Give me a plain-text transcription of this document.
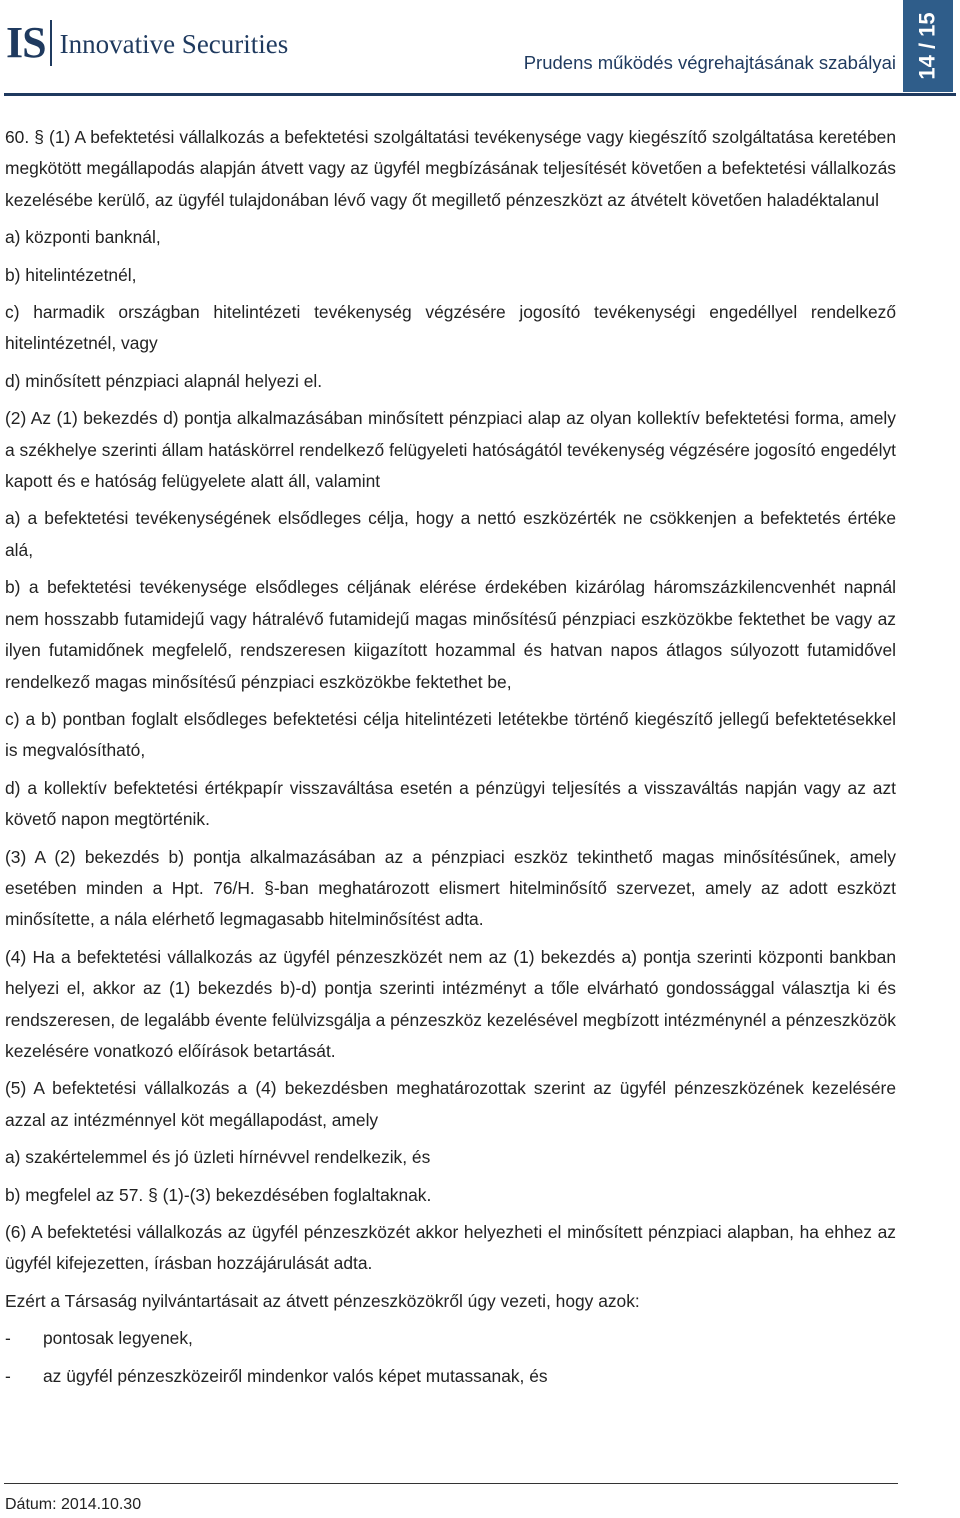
IS Innovative Securities
Prudens működés végrehajtásának szabályai 14 / 15

60. § (1) A befektetési vállalkozás a befektetési szolgáltatási tevékenysége vagy kiegészítő szolgáltatása keretében megkötött megállapodás alapján átvett vagy az ügyfél megbízásának teljesítését követően a befektetési vállalkozás kezelésébe kerülő, az ügyfél tulajdonában lévő vagy őt megillető pénzeszközt az átvételt követően haladéktalanul

a) központi banknál,

b) hitelintézetnél,

c) harmadik országban hitelintézeti tevékenység végzésére jogosító tevékenységi engedéllyel rendelkező hitelintézetnél, vagy

d) minősített pénzpiaci alapnál helyezi el.

(2) Az (1) bekezdés d) pontja alkalmazásában minősített pénzpiaci alap az olyan kollektív befektetési forma, amely a székhelye szerinti állam hatáskörrel rendelkező felügyeleti hatóságától tevékenység végzésére jogosító engedélyt kapott és e hatóság felügyelete alatt áll, valamint

a) a befektetési tevékenységének elsődleges célja, hogy a nettó eszközérték ne csökkenjen a befektetés értéke alá,

b) a befektetési tevékenysége elsődleges céljának elérése érdekében kizárólag háromszázkilencvenhét napnál nem hosszabb futamidejű vagy hátralévő futamidejű magas minősítésű pénzpiaci eszközökbe fektethet be vagy az ilyen futamidőnek megfelelő, rendszeresen kiigazított hozammal és hatvan napos átlagos súlyozott futamidővel rendelkező magas minősítésű pénzpiaci eszközökbe fektethet be,

c) a b) pontban foglalt elsődleges befektetési célja hitelintézeti letétekbe történő kiegészítő jellegű befektetésekkel is megvalósítható,

d) a kollektív befektetési értékpapír visszaváltása esetén a pénzügyi teljesítés a visszaváltás napján vagy az azt követő napon megtörténik.

(3) A (2) bekezdés b) pontja alkalmazásában az a pénzpiaci eszköz tekinthető magas minősítésűnek, amely esetében minden a Hpt. 76/H. §-ban meghatározott elismert hitelminősítő szervezet, amely az adott eszközt minősítette, a nála elérhető legmagasabb hitelminősítést adta.

(4) Ha a befektetési vállalkozás az ügyfél pénzeszközét nem az (1) bekezdés a) pontja szerinti központi bankban helyezi el, akkor az (1) bekezdés b)-d) pontja szerinti intézményt a tőle elvárható gondossággal választja ki és rendszeresen, de legalább évente felülvizsgálja a pénzeszköz kezelésével megbízott intézménynél a pénzeszközök kezelésére vonatkozó előírások betartását.

(5) A befektetési vállalkozás a (4) bekezdésben meghatározottak szerint az ügyfél pénzeszközének kezelésére azzal az intézménnyel köt megállapodást, amely

a) szakértelemmel és jó üzleti hírnévvel rendelkezik, és

b) megfelel az 57. § (1)-(3) bekezdésében foglaltaknak.

(6) A befektetési vállalkozás az ügyfél pénzeszközét akkor helyezheti el minősített pénzpiaci alapban, ha ehhez az ügyfél kifejezetten, írásban hozzájárulását adta.

Ezért a Társaság nyilvántartásait az átvett pénzeszközökről úgy vezeti, hogy azok:

-	pontosak legyenek,
-	az ügyfél pénzeszközeiről mindenkor valós képet mutassanak, és
Dátum: 2014.10.30
